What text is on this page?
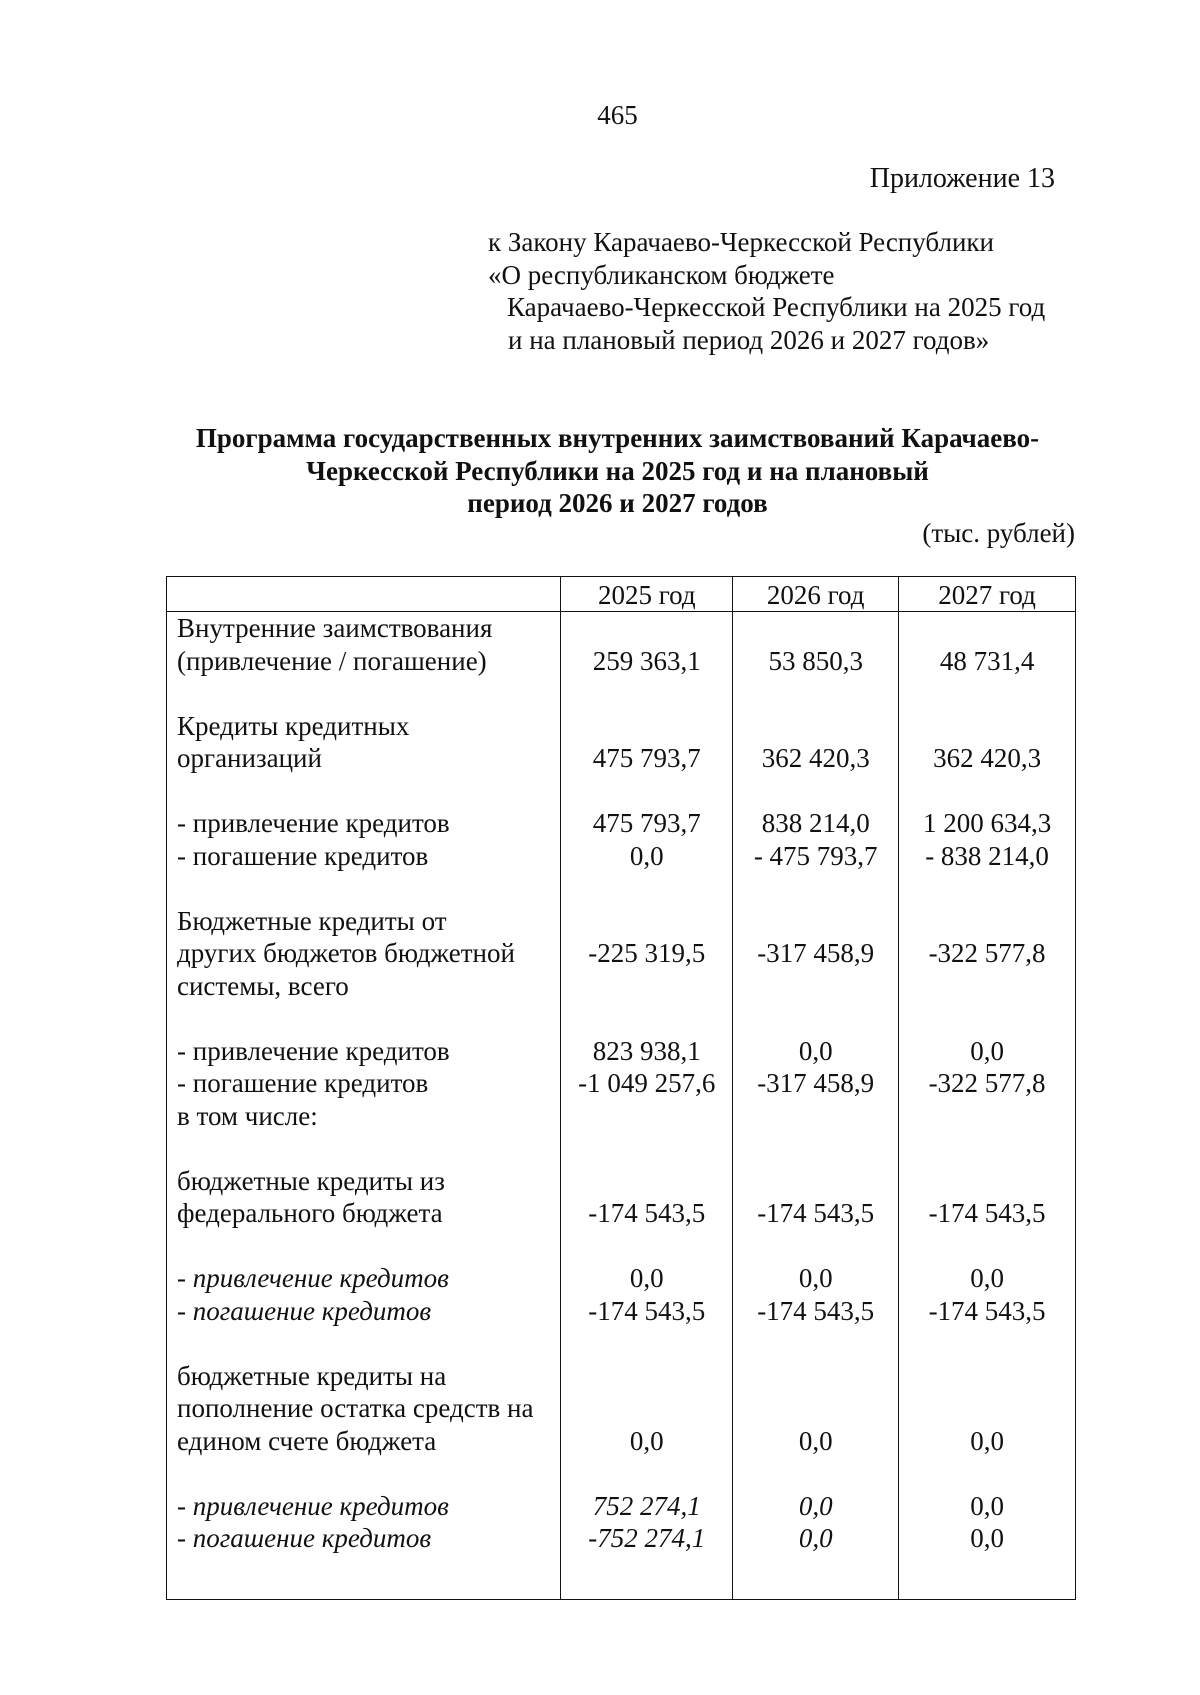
465
Приложение 13
к Закону Карачаево-Черкесской Республики
«О республиканском бюджете
Карачаево-Черкесской Республики на 2025 год
и на плановый период 2026 и 2027 годов»
Программа государственных внутренних заимствований Карачаево-
Черкесской Республики на 2025 год и на плановый
период 2026 и 2027 годов
(тыс. рублей)
	2025 год	2026 год	2027 год

Внутренние заимствования
(привлечение / погашение)	259 363,1	53 850,3	48 731,4

Кредиты кредитных
организаций	475 793,7	362 420,3	362 420,3

- привлечение кредитов	475 793,7	838 214,0	1 200 634,3
- погашение кредитов	0,0	- 475 793,7	- 838 214,0

Бюджетные кредиты от
других бюджетов бюджетной
системы, всего	-225 319,5	-317 458,9	-322 577,8

- привлечение кредитов	823 938,1	0,0	0,0
- погашение кредитов	-1 049 257,6	-317 458,9	-322 577,8
в том числе:			

бюджетные кредиты из
федерального бюджета	-174 543,5	-174 543,5	-174 543,5

- привлечение кредитов	0,0	0,0	0,0
- погашение кредитов	-174 543,5	-174 543,5	-174 543,5

бюджетные кредиты на
пополнение остатка средств на
едином счете бюджета	0,0	0,0	0,0

- привлечение кредитов	752 274,1	0,0	0,0
- погашение кредитов	-752 274,1	0,0	0,0
